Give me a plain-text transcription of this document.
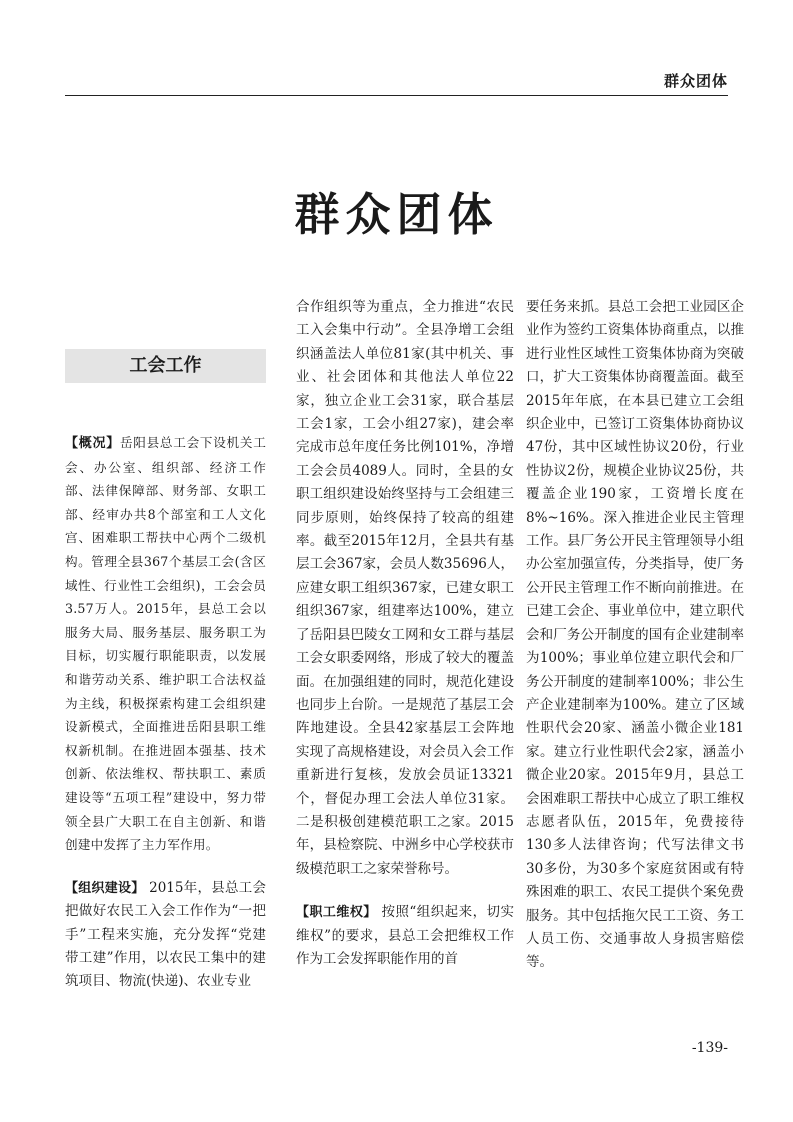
群众团体
群众团体
工会工作

【概况】岳阳县总工会下设机关工会、办公室、组织部、经济工作部、法律保障部、财务部、女职工部、经审办共8个部室和工人文化宫、困难职工帮扶中心两个二级机构。管理全县367个基层工会(含区域性、行业性工会组织)，工会会员3.57万人。2015年，县总工会以服务大局、服务基层、服务职工为目标，切实履行职能职责，以发展和谐劳动关系、维护职工合法权益为主线，积极探索构建工会组织建设新模式，全面推进岳阳县职工维权新机制。在推进固本强基、技术创新、依法维权、帮扶职工、素质建设等“五项工程”建设中，努力带领全县广大职工在自主创新、和谐创建中发挥了主力军作用。

【组织建设】 2015年，县总工会把做好农民工入会工作作为“一把手”工程来实施，充分发挥“党建带工建”作用，以农民工集中的建筑项目、物流(快递)、农业专业

合作组织等为重点，全力推进“农民工入会集中行动”。全县净增工会组织涵盖法人单位81家(其中机关、事业、社会团体和其他法人单位22家，独立企业工会31家，联合基层工会1家，工会小组27家)，建会率完成市总年度任务比例101%，净增工会会员4089人。同时，全县的女职工组织建设始终坚持与工会组建三同步原则，始终保持了较高的组建率。截至2015年12月，全县共有基层工会367家，会员人数35696人，应建女职工组织367家，已建女职工组织367家，组建率达100%，建立了岳阳县巴陵女工网和女工群与基层工会女职委网络，形成了较大的覆盖面。在加强组建的同时，规范化建设也同步上台阶。一是规范了基层工会阵地建设。全县42家基层工会阵地实现了高规格建设，对会员入会工作重新进行复核，发放会员证13321个，督促办理工会法人单位31家。二是积极创建模范职工之家。2015年，县检察院、中洲乡中心学校获市级模范职工之家荣誉称号。

【职工维权】 按照“组织起来，切实维权”的要求，县总工会把维权工作作为工会发挥职能作用的首

要任务来抓。县总工会把工业园区企业作为签约工资集体协商重点，以推进行业性区域性工资集体协商为突破口，扩大工资集体协商覆盖面。截至2015年年底，在本县已建立工会组织企业中，已签订工资集体协商协议47份，其中区域性协议20份，行业性协议2份，规模企业协议25份，共覆盖企业190家，工资增长度在8%~16%。深入推进企业民主管理工作。县厂务公开民主管理领导小组办公室加强宣传，分类指导，使厂务公开民主管理工作不断向前推进。在已建工会企、事业单位中，建立职代会和厂务公开制度的国有企业建制率为100%；事业单位建立职代会和厂务公开制度的建制率100%；非公生产企业建制率为100%。建立了区域性职代会20家、涵盖小微企业181家。建立行业性职代会2家，涵盖小微企业20家。2015年9月，县总工会困难职工帮扶中心成立了职工维权志愿者队伍，2015年，免费接待130多人法律咨询；代写法律文书30多份，为30多个家庭贫困或有特殊困难的职工、农民工提供个案免费服务。其中包括拖欠民工工资、务工人员工伤、交通事故人身损害赔偿等。

-139-
